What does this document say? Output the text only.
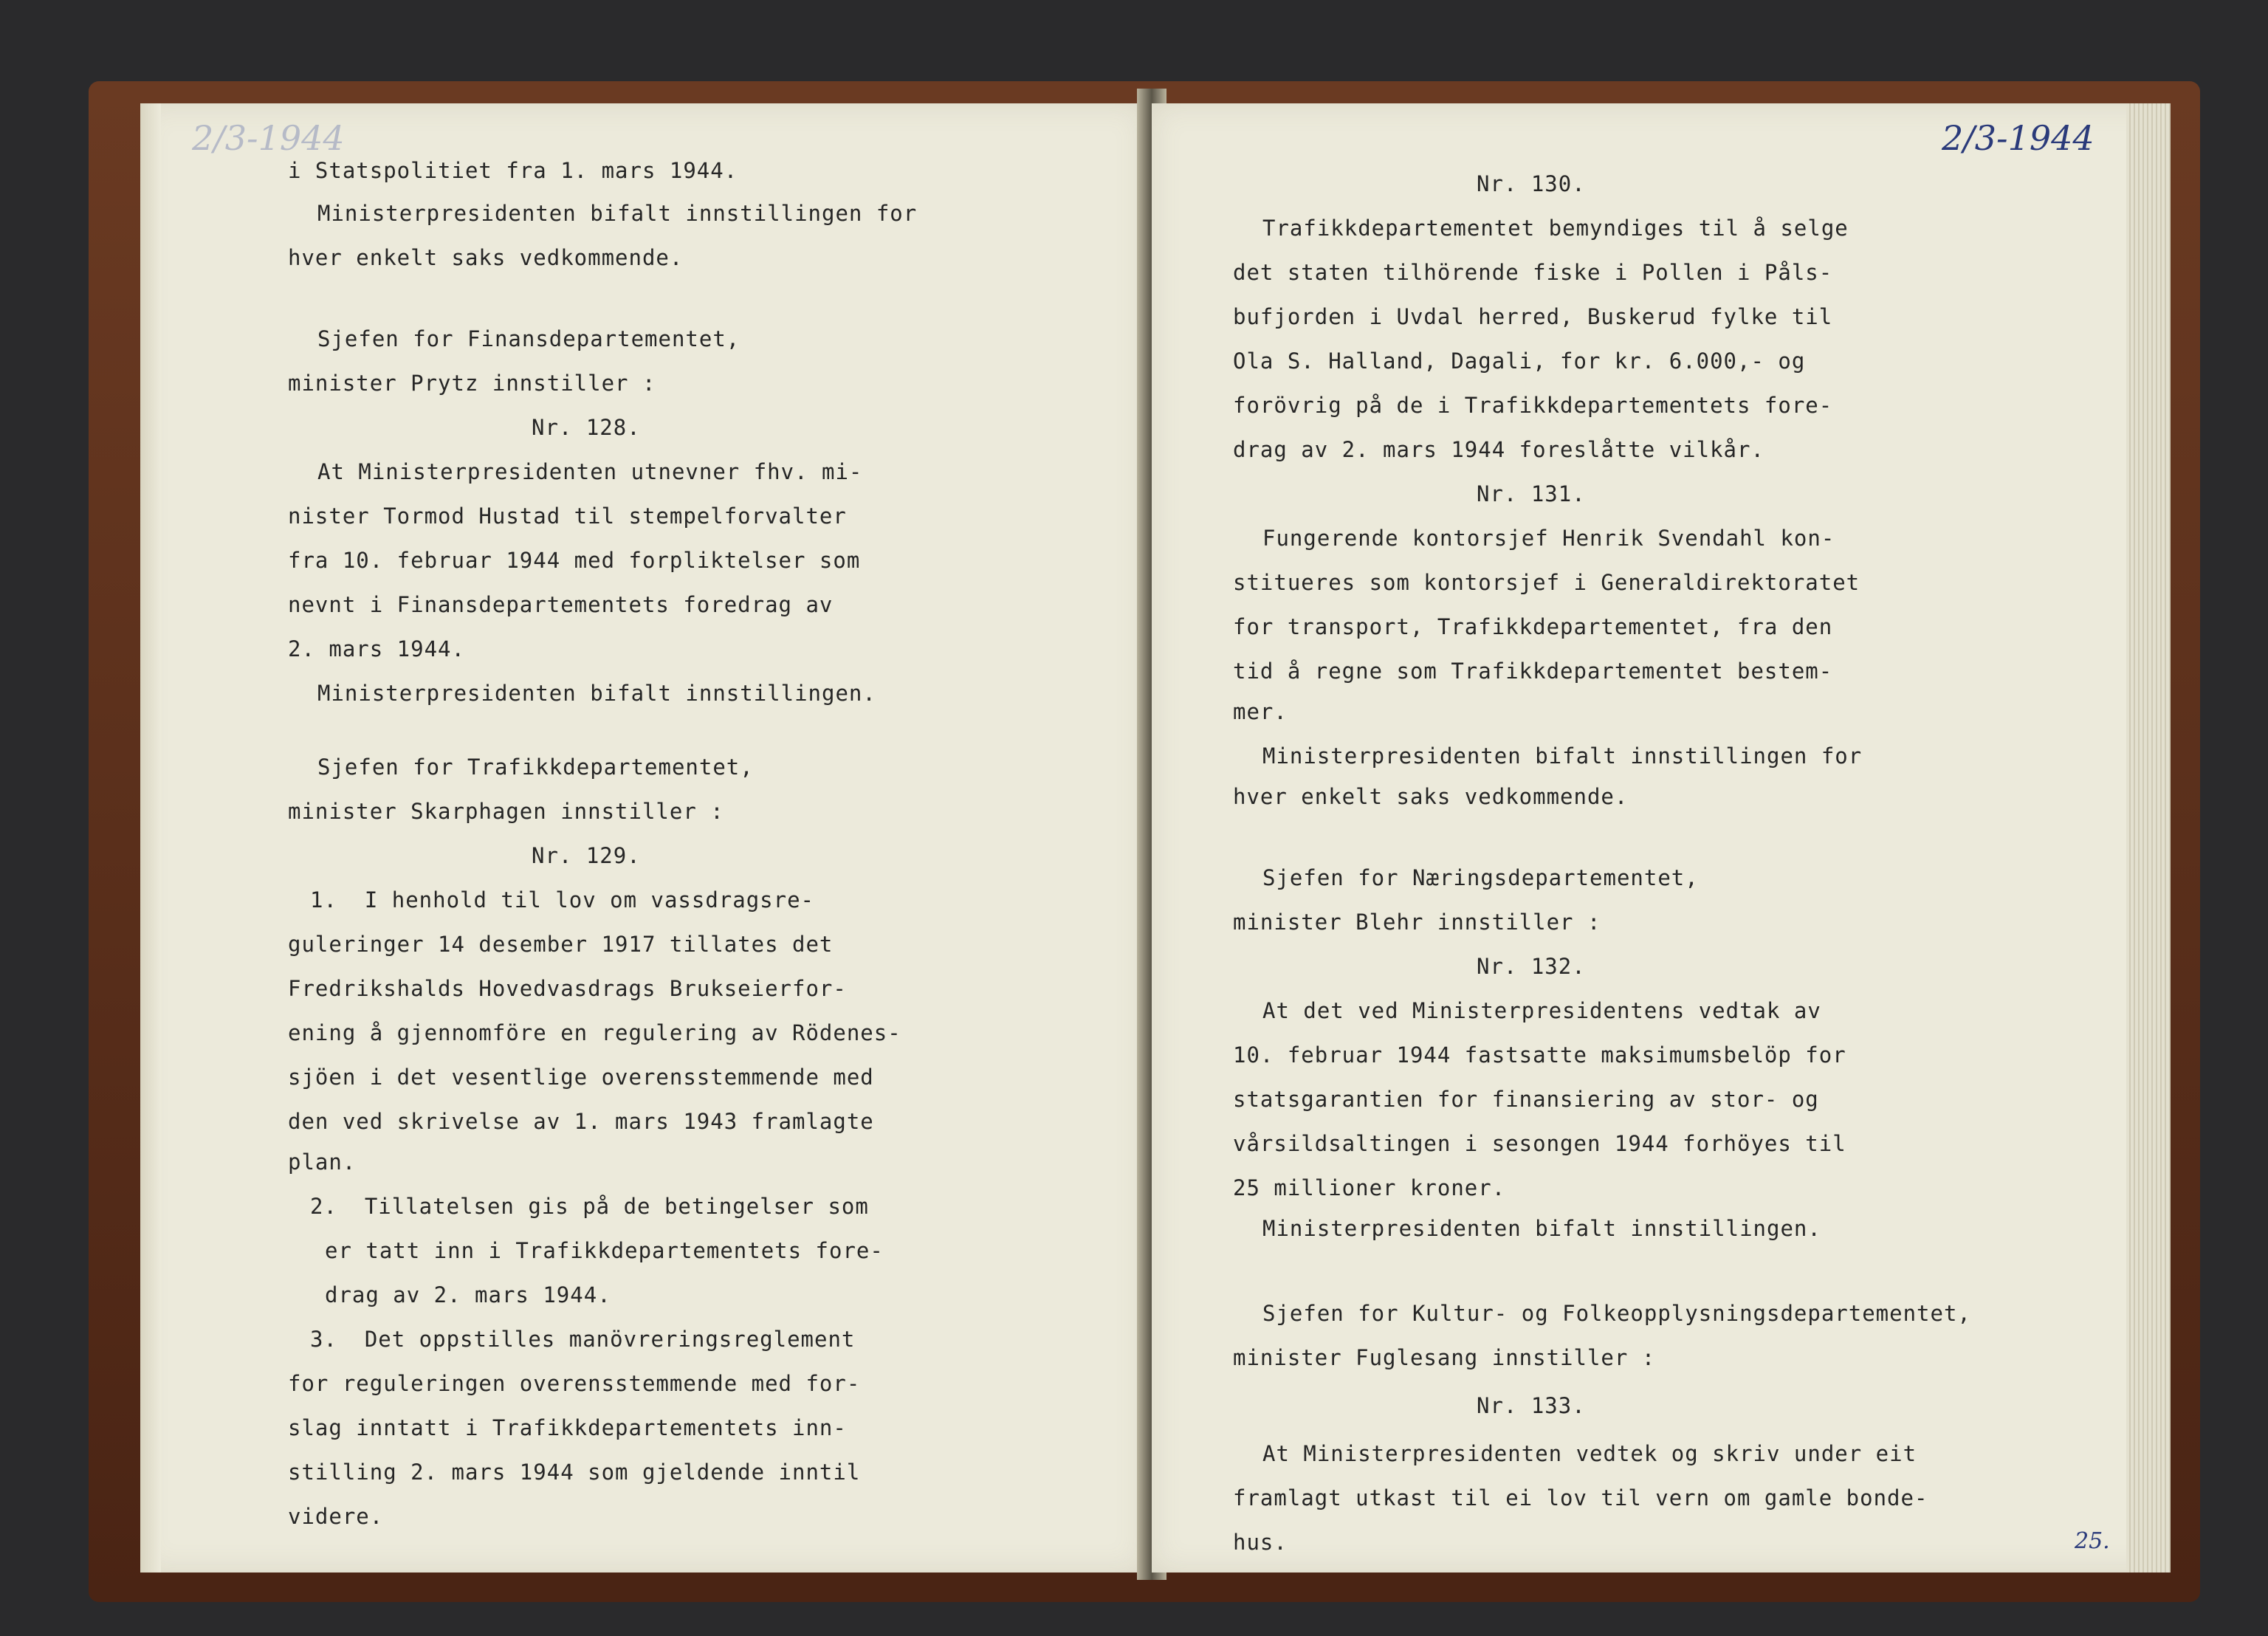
2/3-1944

i Statspolitiet fra 1. mars 1944.

Ministerpresidenten bifalt innstillingen for

hver enkelt saks vedkommende.

Sjefen for Finansdepartementet,

minister Prytz innstiller :

Nr. 128.

At Ministerpresidenten utnevner fhv. mi-

nister Tormod Hustad til stempelforvalter

fra 10. februar 1944 med forpliktelser som

nevnt i Finansdepartementets foredrag av

2. mars 1944.

Ministerpresidenten bifalt innstillingen.

Sjefen for Trafikkdepartementet,

minister Skarphagen innstiller :

Nr. 129.

1.  I henhold til lov om vassdragsre-

guleringer 14 desember 1917 tillates det

Fredrikshalds Hovedvasdrags Brukseierfor-

ening å gjennomföre en regulering av Rödenes-

sjöen i det vesentlige overensstemmende med

den ved skrivelse av 1. mars 1943 framlagte

plan.

2.  Tillatelsen gis på de betingelser som

er tatt inn i Trafikkdepartementets fore-

drag av 2. mars 1944.

3.  Det oppstilles manövreringsreglement

for reguleringen overensstemmende med for-

slag inntatt i Trafikkdepartementets inn-

stilling 2. mars 1944 som gjeldende inntil

videre.

2/3-1944
25.

Nr. 130.

Trafikkdepartementet bemyndiges til å selge

det staten tilhörende fiske i Pollen i Påls-

bufjorden i Uvdal herred, Buskerud fylke til

Ola S. Halland, Dagali, for kr. 6.000,- og

forövrig på de i Trafikkdepartementets fore-

drag av 2. mars 1944 foreslåtte vilkår.

Nr. 131.

Fungerende kontorsjef Henrik Svendahl kon-

stitueres som kontorsjef i Generaldirektoratet

for transport, Trafikkdepartementet, fra den

tid å regne som Trafikkdepartementet bestem-

mer.

Ministerpresidenten bifalt innstillingen for

hver enkelt saks vedkommende.

Sjefen for Næringsdepartementet,

minister Blehr innstiller :

Nr. 132.

At det ved Ministerpresidentens vedtak av

10. februar 1944 fastsatte maksimumsbelöp for

statsgarantien for finansiering av stor- og

vårsildsaltingen i sesongen 1944 forhöyes til

25 millioner kroner.

Ministerpresidenten bifalt innstillingen.

Sjefen for Kultur- og Folkeopplysningsdepartementet,

minister Fuglesang innstiller :

Nr. 133.

At Ministerpresidenten vedtek og skriv under eit

framlagt utkast til ei lov til vern om gamle bonde-

hus.
